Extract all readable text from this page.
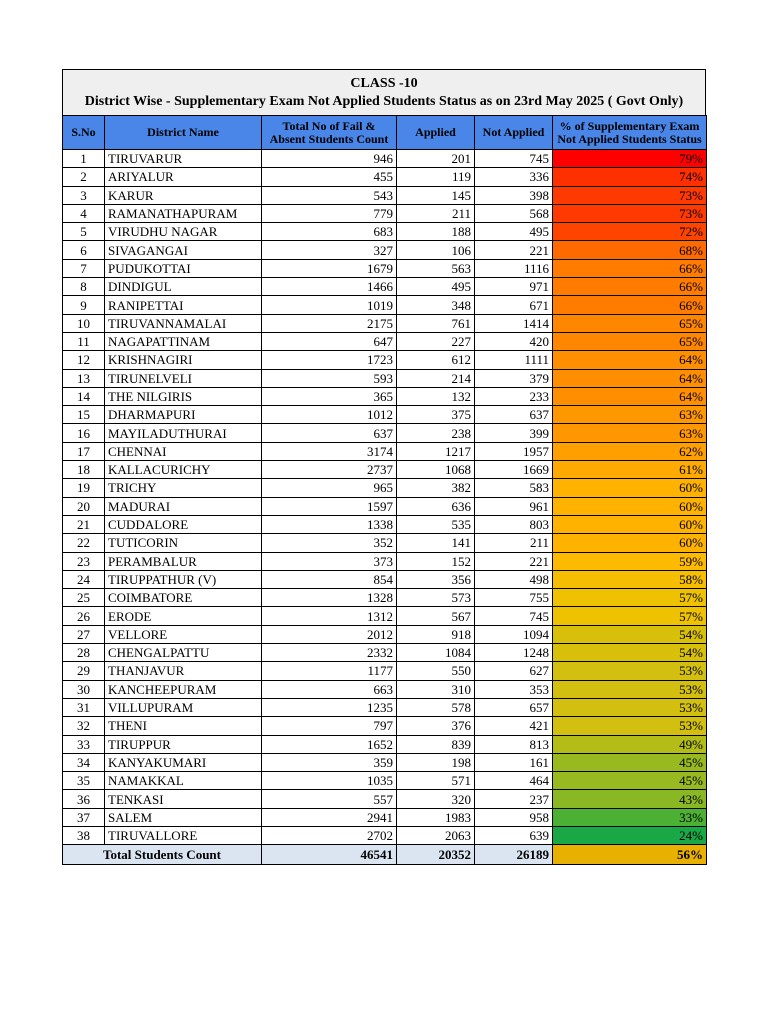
CLASS -10
District Wise - Supplementary Exam Not Applied Students Status as on 23rd May 2025 ( Govt Only)
S.No	District Name	Total No of Fail & Absent Students Count	Applied	Not Applied	% of Supplementary Exam Not Applied Students Status
1	TIRUVARUR	946	201	745	79%
2	ARIYALUR	455	119	336	74%
3	KARUR	543	145	398	73%
4	RAMANATHAPURAM	779	211	568	73%
5	VIRUDHU NAGAR	683	188	495	72%
6	SIVAGANGAI	327	106	221	68%
7	PUDUKOTTAI	1679	563	1116	66%
8	DINDIGUL	1466	495	971	66%
9	RANIPETTAI	1019	348	671	66%
10	TIRUVANNAMALAI	2175	761	1414	65%
11	NAGAPATTINAM	647	227	420	65%
12	KRISHNAGIRI	1723	612	1111	64%
13	TIRUNELVELI	593	214	379	64%
14	THE NILGIRIS	365	132	233	64%
15	DHARMAPURI	1012	375	637	63%
16	MAYILADUTHURAI	637	238	399	63%
17	CHENNAI	3174	1217	1957	62%
18	KALLACURICHY	2737	1068	1669	61%
19	TRICHY	965	382	583	60%
20	MADURAI	1597	636	961	60%
21	CUDDALORE	1338	535	803	60%
22	TUTICORIN	352	141	211	60%
23	PERAMBALUR	373	152	221	59%
24	TIRUPPATHUR (V)	854	356	498	58%
25	COIMBATORE	1328	573	755	57%
26	ERODE	1312	567	745	57%
27	VELLORE	2012	918	1094	54%
28	CHENGALPATTU	2332	1084	1248	54%
29	THANJAVUR	1177	550	627	53%
30	KANCHEEPURAM	663	310	353	53%
31	VILLUPURAM	1235	578	657	53%
32	THENI	797	376	421	53%
33	TIRUPPUR	1652	839	813	49%
34	KANYAKUMARI	359	198	161	45%
35	NAMAKKAL	1035	571	464	45%
36	TENKASI	557	320	237	43%
37	SALEM	2941	1983	958	33%
38	TIRUVALLORE	2702	2063	639	24%
Total Students Count		46541	20352	26189	56%
